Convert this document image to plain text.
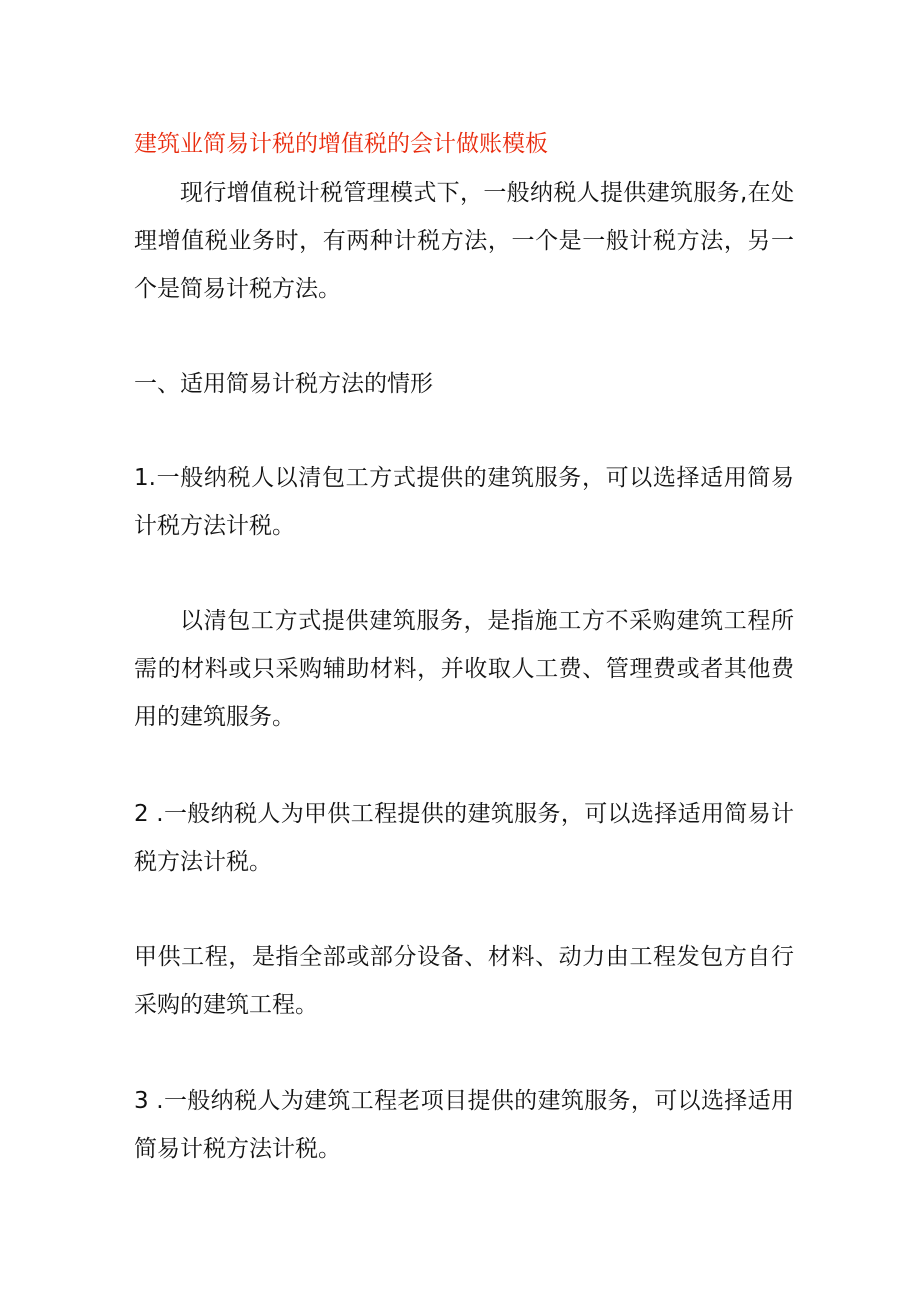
建筑业简易计税的增值税的会计做账模板

现行增值税计税管理模式下，一般纳税人提供建筑服务,在处理增值税业务时，有两种计税方法，一个是一般计税方法，另一个是简易计税方法。

一、适用简易计税方法的情形

1.一般纳税人以清包工方式提供的建筑服务，可以选择适用简易计税方法计税。

以清包工方式提供建筑服务，是指施工方不采购建筑工程所需的材料或只采购辅助材料，并收取人工费、管理费或者其他费用的建筑服务。

2 .一般纳税人为甲供工程提供的建筑服务，可以选择适用简易计税方法计税。

甲供工程，是指全部或部分设备、材料、动力由工程发包方自行采购的建筑工程。

3 .一般纳税人为建筑工程老项目提供的建筑服务，可以选择适用简易计税方法计税。
